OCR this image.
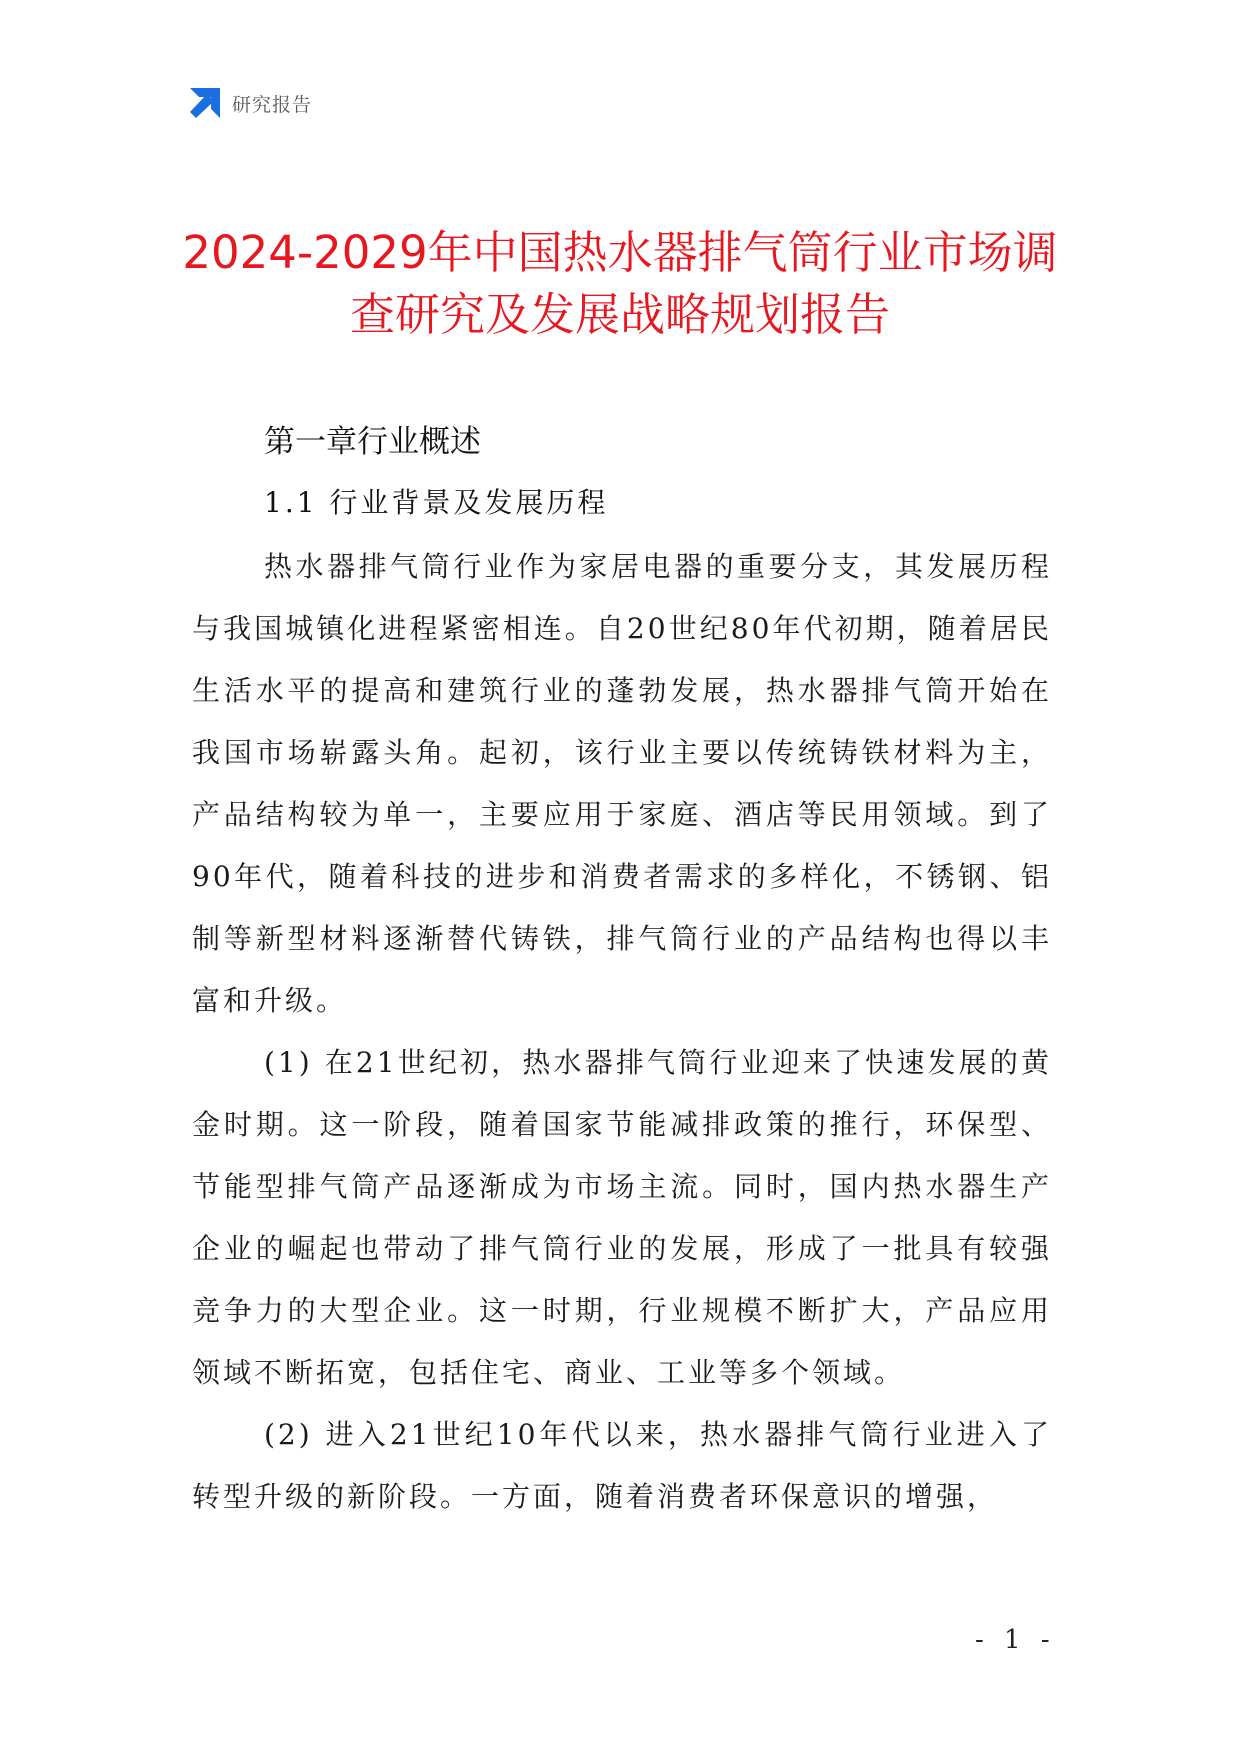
研究报告
2024-2029年中国热水器排气筒行业市场调
查研究及发展战略规划报告

第一章行业概述

1.1 行业背景及发展历程

热水器排气筒行业作为家居电器的重要分支，其发展历程与我国城镇化进程紧密相连。自20世纪80年代初期，随着居民生活水平的提高和建筑行业的蓬勃发展，热水器排气筒开始在我国市场崭露头角。起初，该行业主要以传统铸铁材料为主，产品结构较为单一，主要应用于家庭、酒店等民用领域。到了90年代，随着科技的进步和消费者需求的多样化，不锈钢、铝制等新型材料逐渐替代铸铁，排气筒行业的产品结构也得以丰富和升级。

(1) 在21世纪初，热水器排气筒行业迎来了快速发展的黄金时期。这一阶段，随着国家节能减排政策的推行，环保型、节能型排气筒产品逐渐成为市场主流。同时，国内热水器生产企业的崛起也带动了排气筒行业的发展，形成了一批具有较强竞争力的大型企业。这一时期，行业规模不断扩大，产品应用领域不断拓宽，包括住宅、商业、工业等多个领域。

(2) 进入21世纪10年代以来，热水器排气筒行业进入了转型升级的新阶段。一方面，随着消费者环保意识的增强，

- 1 -
